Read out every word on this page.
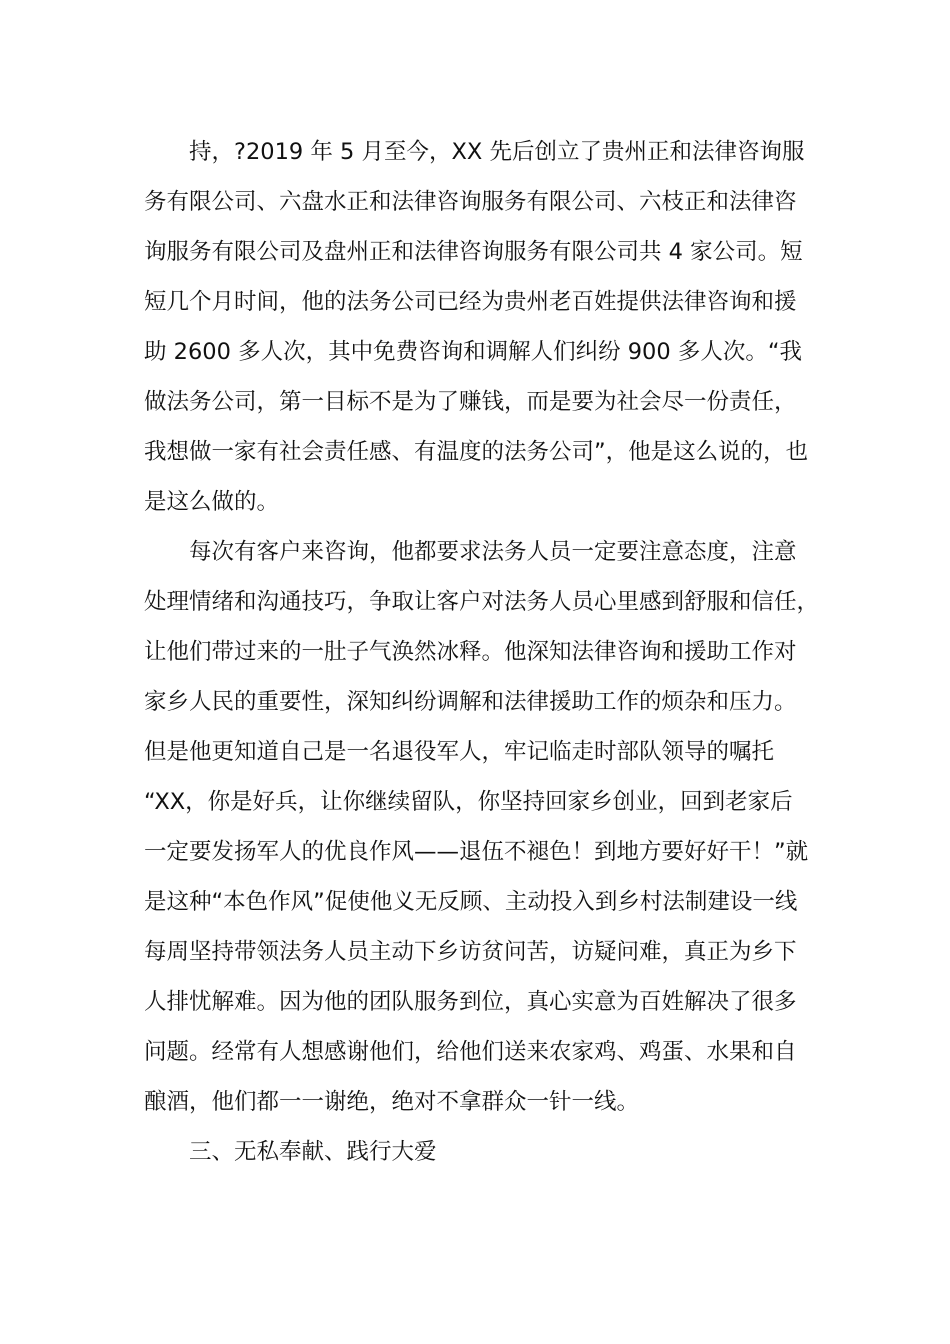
持，?2019 年 5 月至今，XX 先后创立了贵州正和法律咨询服
务有限公司、六盘水正和法律咨询服务有限公司、六枝正和法律咨
询服务有限公司及盘州正和法律咨询服务有限公司共 4 家公司。短
短几个月时间，他的法务公司已经为贵州老百姓提供法律咨询和援
助 2600 多人次，其中免费咨询和调解人们纠纷 900 多人次。“我
做法务公司，第一目标不是为了赚钱，而是要为社会尽一份责任，
我想做一家有社会责任感、有温度的法务公司”，他是这么说的，也
是这么做的。
每次有客户来咨询，他都要求法务人员一定要注意态度，注意
处理情绪和沟通技巧，争取让客户对法务人员心里感到舒服和信任，
让他们带过来的一肚子气涣然冰释。他深知法律咨询和援助工作对
家乡人民的重要性，深知纠纷调解和法律援助工作的烦杂和压力。
但是他更知道自己是一名退役军人，牢记临走时部队领导的嘱托
“XX，你是好兵，让你继续留队，你坚持回家乡创业，回到老家后
一定要发扬军人的优良作风——退伍不褪色！到地方要好好干！”就
是这种“本色作风”促使他义无反顾、主动投入到乡村法制建设一线
每周坚持带领法务人员主动下乡访贫问苦，访疑问难，真正为乡下
人排忧解难。因为他的团队服务到位，真心实意为百姓解决了很多
问题。经常有人想感谢他们，给他们送来农家鸡、鸡蛋、水果和自
酿酒，他们都一一谢绝，绝对不拿群众一针一线。
三、无私奉献、践行大爱
